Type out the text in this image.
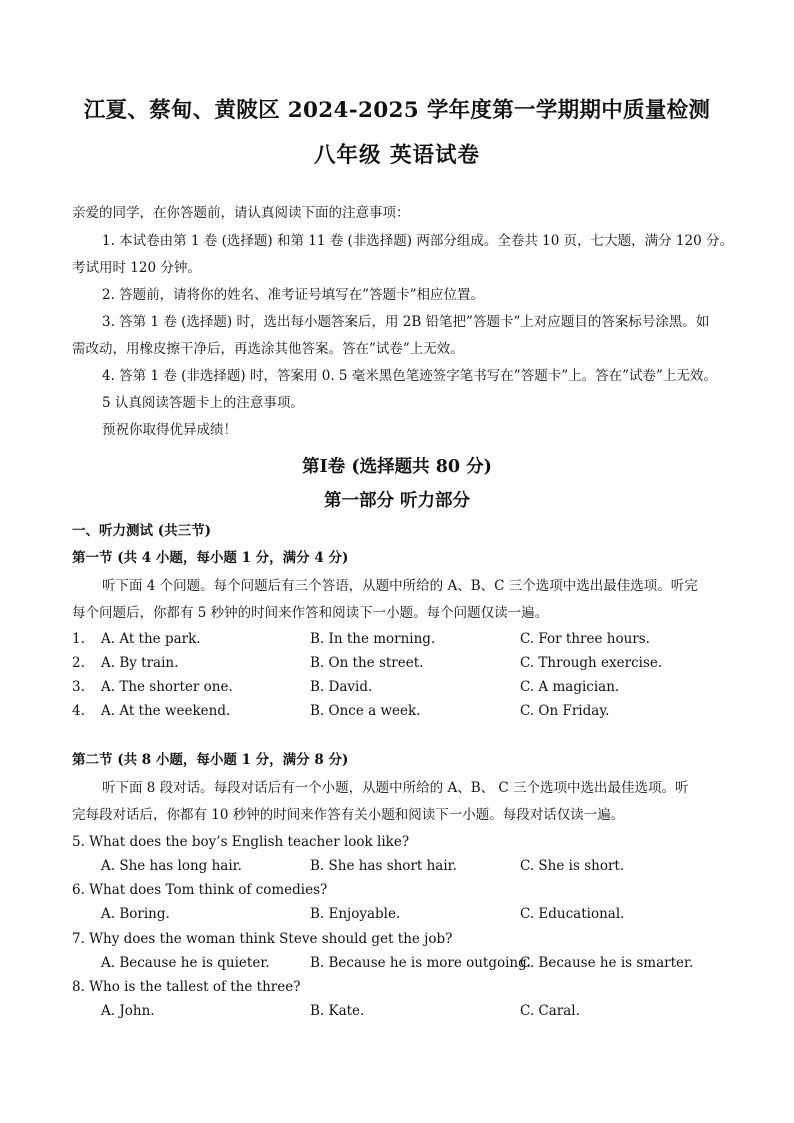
江夏、蔡甸、黄陂区 2024-2025 学年度第一学期期中质量检测
八年级 英语试卷

亲爱的同学，在你答题前，请认真阅读下面的注意事项：

1. 本试卷由第 1 卷 (选择题) 和第 11 卷 (非选择题) 两部分组成。全卷共 10 页，七大题，满分 120 分。

考试用时 120 分钟。

2. 答题前，请将你的姓名、准考证号填写在”答题卡”相应位置。

3. 答第 1 卷 (选择题) 时，选出每小题答案后，用 2B 铅笔把”答题卡”上对应题目的答案标号涂黑。如

需改动，用橡皮擦干净后，再选涂其他答案。答在”试卷”上无效。

4. 答第 1 卷 (非选择题) 时，答案用 0. 5 毫米黑色笔迹签字笔书写在”答题卡”上。答在”试卷”上无效。

5 认真阅读答题卡上的注意事项。

预祝你取得优异成绩！

第Ⅰ卷 (选择题共 80 分)
第一部分 听力部分

一、听力测试 (共三节)

第一节 (共 4 小题，每小题 1 分，满分 4 分)

听下面 4 个问题。每个问题后有三个答语，从题中所给的 A、B、C 三个选项中选出最佳选项。听完

每个问题后，你都有 5 秒钟的时间来作答和阅读下一小题。每个问题仅读一遍。

1. A. At the park.	B. In the morning.	C. For three hours.
2. A. By train.	B. On the street.	C. Through exercise.
3. A. The shorter one.	B. David.	C. A magician.
4. A. At the weekend.	B. Once a week.	C. On Friday.

第二节 (共 8 小题，每小题 1 分，满分 8 分)

听下面 8 段对话。每段对话后有一个小题，从题中所给的 A、B、 C 三个选项中选出最佳选项。听

完每段对话后，你都有 10 秒钟的时间来作答有关小题和阅读下一小题。每段对话仅读一遍。

5. What does the boy’s English teacher look like?

A. She has long hair.	B. She has short hair.	C. She is short.

6. What does Tom think of comedies?

A. Boring.	B. Enjoyable.	C. Educational.

7. Why does the woman think Steve should get the job?

A. Because he is quieter.	B. Because he is more outgoing.
C. Because he is smarter.

8. Who is the tallest of the three?

A. John.	B. Kate.	C. Caral.
